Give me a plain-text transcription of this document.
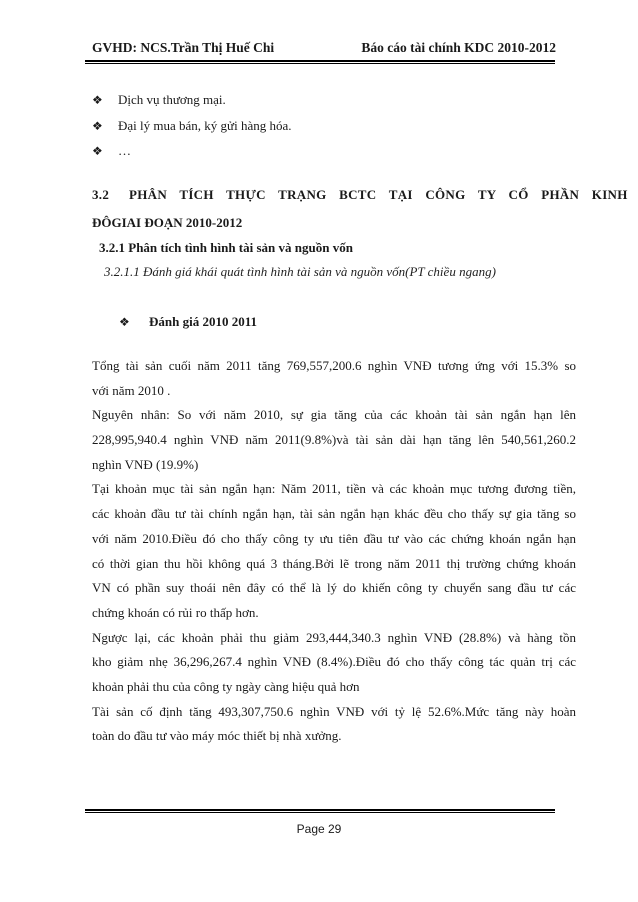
GVHD: NCS.Trần Thị Huế Chi	Báo cáo tài chính KDC 2010-2012
❖ Dịch vụ thương mại.
❖ Đại lý mua bán, ký gửi hàng hóa.
❖ …
3.2 PHÂN TÍCH THỰC TRẠNG BCTC TẠI CÔNG TY CỔ PHẦN KINH
ĐÔGIAI ĐOẠN 2010-2012
3.2.1 Phân tích tình hình tài sản và nguồn vốn
3.2.1.1 Đánh giá khái quát tình hình tài sản và nguồn vốn(PT chiều ngang)
❖ Đánh giá 2010 2011
Tổng tài sản cuối năm 2011 tăng 769,557,200.6 nghìn VNĐ tương ứng với 15.3% so
với năm 2010 .
Nguyên nhân: So với năm 2010, sự gia tăng của các khoản tài sản ngắn hạn lên
228,995,940.4 nghìn VNĐ năm 2011(9.8%)và tài sản dài hạn tăng lên 540,561,260.2
nghìn VNĐ (19.9%)
Tại khoản mục tài sản ngắn hạn: Năm 2011, tiền và các khoản mục tương đương tiền,
các khoản đầu tư tài chính ngắn hạn, tài sản ngắn hạn khác đều cho thấy sự gia tăng so
với năm 2010.Điều đó cho thấy công ty ưu tiên đầu tư vào các chứng khoán ngắn hạn
có thời gian thu hồi không quá 3 tháng.Bởi lẽ trong năm 2011 thị trường chứng khoán
VN có phần suy thoái nên đây có thể là lý do khiến công ty chuyển sang đầu tư các
chứng khoán có rủi ro thấp hơn.
Ngược lại, các khoản phải thu giảm 293,444,340.3 nghìn VNĐ (28.8%) và hàng tồn
kho giảm nhẹ 36,296,267.4 nghìn VNĐ (8.4%).Điều đó cho thấy công tác quản trị các
khoản phải thu của công ty ngày càng hiệu quả hơn
Tài sản cố định tăng 493,307,750.6 nghìn VNĐ với tỷ lệ 52.6%.Mức tăng này hoàn
toàn do đầu tư vào máy móc thiết bị nhà xưởng.
Page 29
